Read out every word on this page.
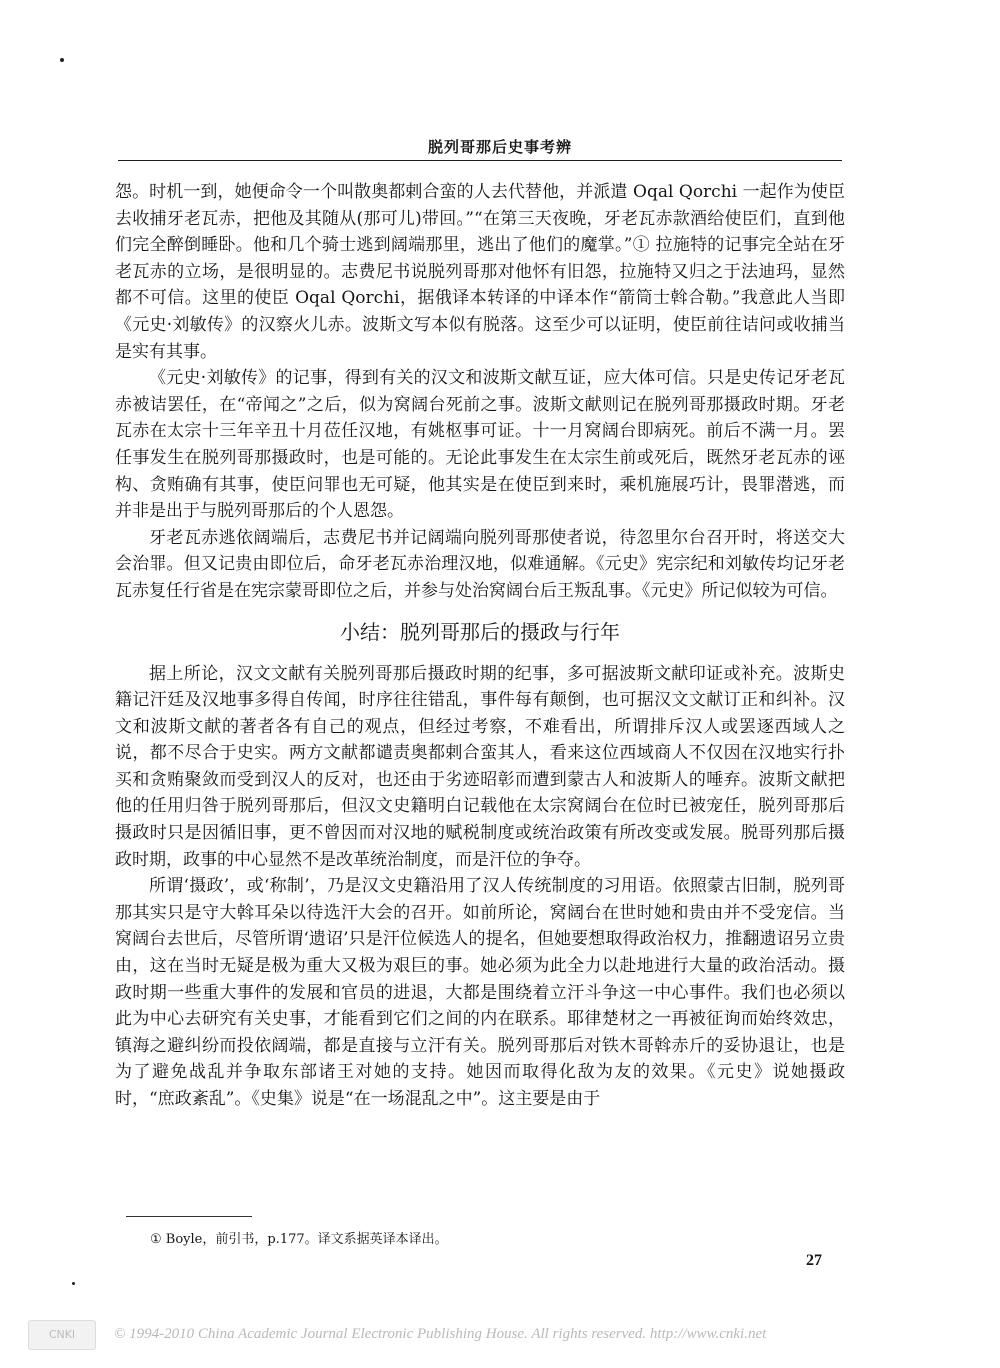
脱列哥那后史事考辨

怨。时机一到，她便命令一个叫散奥都剌合蛮的人去代替他，并派遣 Oqal Qorchi 一起作为使臣去收捕牙老瓦赤，把他及其随从(那可儿)带回。”“在第三天夜晚，牙老瓦赤款酒给使臣们，直到他们完全醉倒睡卧。他和几个骑士逃到阔端那里，逃出了他们的魔掌。”① 拉施特的记事完全站在牙老瓦赤的立场，是很明显的。志费尼书说脱列哥那对他怀有旧怨，拉施特又归之于法迪玛，显然都不可信。这里的使臣 Oqal Qorchi，据俄译本转译的中译本作“箭筒士斡合勒。”我意此人当即《元史·刘敏传》的汉察火儿赤。波斯文写本似有脱落。这至少可以证明，使臣前往诘问或收捕当是实有其事。

《元史·刘敏传》的记事，得到有关的汉文和波斯文献互证，应大体可信。只是史传记牙老瓦赤被诘罢任，在“帝闻之”之后，似为窝阔台死前之事。波斯文献则记在脱列哥那摄政时期。牙老瓦赤在太宗十三年辛丑十月莅任汉地，有姚枢事可证。十一月窝阔台即病死。前后不满一月。罢任事发生在脱列哥那摄政时，也是可能的。无论此事发生在太宗生前或死后，既然牙老瓦赤的诬构、贪贿确有其事，使臣问罪也无可疑，他其实是在使臣到来时，乘机施展巧计，畏罪潜逃，而并非是出于与脱列哥那后的个人恩怨。

牙老瓦赤逃依阔端后，志费尼书并记阔端向脱列哥那使者说，待忽里尔台召开时，将送交大会治罪。但又记贵由即位后，命牙老瓦赤治理汉地，似难通解。《元史》宪宗纪和刘敏传均记牙老瓦赤复任行省是在宪宗蒙哥即位之后，并参与处治窝阔台后王叛乱事。《元史》所记似较为可信。

小结：脱列哥那后的摄政与行年

据上所论，汉文文献有关脱列哥那后摄政时期的纪事，多可据波斯文献印证或补充。波斯史籍记汗廷及汉地事多得自传闻，时序往往错乱，事件每有颠倒，也可据汉文文献订正和纠补。汉文和波斯文献的著者各有自己的观点，但经过考察，不难看出，所谓排斥汉人或罢逐西域人之说，都不尽合于史实。两方文献都谴责奥都剌合蛮其人，看来这位西域商人不仅因在汉地实行扑买和贪贿聚敛而受到汉人的反对，也还由于劣迹昭彰而遭到蒙古人和波斯人的唾弃。波斯文献把他的任用归咎于脱列哥那后，但汉文史籍明白记载他在太宗窝阔台在位时已被宠任，脱列哥那后摄政时只是因循旧事，更不曾因而对汉地的赋税制度或统治政策有所改变或发展。脱哥列那后摄政时期，政事的中心显然不是改革统治制度，而是汗位的争夺。

所谓‘摄政’，或‘称制’，乃是汉文史籍沿用了汉人传统制度的习用语。依照蒙古旧制，脱列哥那其实只是守大斡耳朵以待选汗大会的召开。如前所论，窝阔台在世时她和贵由并不受宠信。当窝阔台去世后，尽管所谓‘遗诏’只是汗位候选人的提名，但她要想取得政治权力，推翻遗诏另立贵由，这在当时无疑是极为重大又极为艰巨的事。她必须为此全力以赴地进行大量的政治活动。摄政时期一些重大事件的发展和官员的进退，大都是围绕着立汗斗争这一中心事件。我们也必须以此为中心去研究有关史事，才能看到它们之间的内在联系。耶律楚材之一再被征询而始终效忠，镇海之避纠纷而投依阔端，都是直接与立汗有关。脱列哥那后对铁木哥斡赤斤的妥协退让，也是为了避免战乱并争取东部诸王对她的支持。她因而取得化敌为友的效果。《元史》说她摄政时，“庶政紊乱”。《史集》说是“在一场混乱之中”。这主要是由于

① Boyle，前引书，p.177。译文系据英译本译出。
27
CNKI	© 1994-2010 China Academic Journal Electronic Publishing House. All rights reserved. http://www.cnki.net
